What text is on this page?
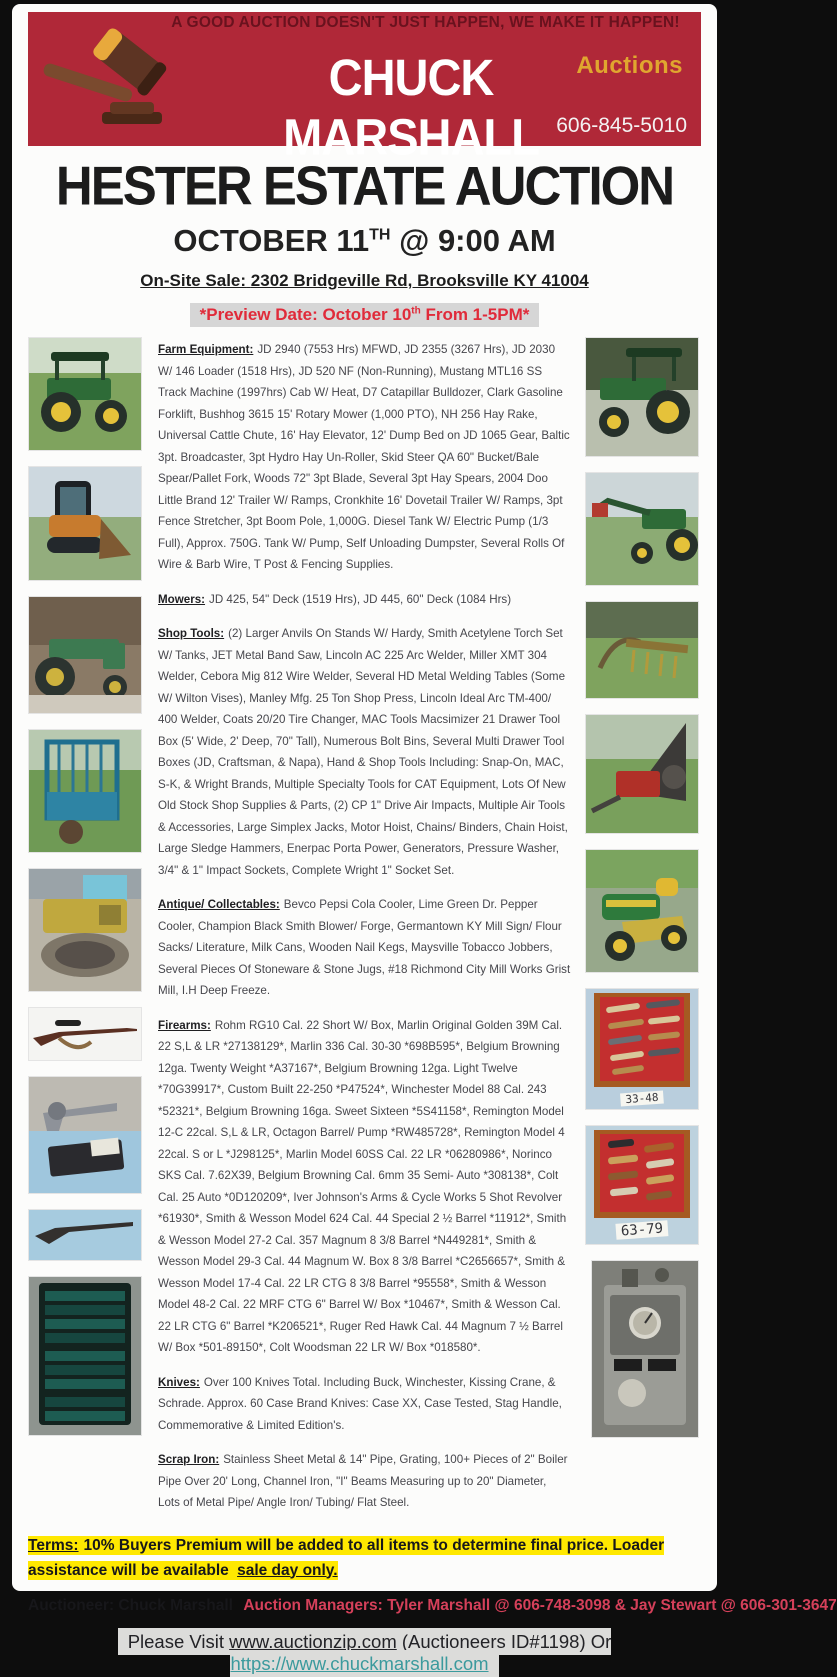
A GOOD AUCTION DOESN'T JUST HAPPEN, WE MAKE IT HAPPEN!
CHUCK MARSHALL
Auctions
606-845-5010
HESTER ESTATE AUCTION
OCTOBER 11TH @ 9:00 AM
On-Site Sale: 2302 Bridgeville Rd, Brooksville KY 41004
*Preview Date: October 10th From 1-5PM*

Farm Equipment: JD 2940 (7553 Hrs) MFWD, JD 2355 (3267 Hrs), JD 2030 W/ 146 Loader (1518 Hrs), JD 520 NF (Non-Running), Mustang MTL16 SS Track Machine (1997hrs) Cab W/ Heat, D7 Catapillar Bulldozer, Clark Gasoline Forklift, Bushhog 3615 15' Rotary Mower (1,000 PTO), NH 256 Hay Rake, Universal Cattle Chute, 16' Hay Elevator, 12' Dump Bed on JD 1065 Gear, Baltic 3pt. Broadcaster, 3pt Hydro Hay Un-Roller, Skid Steer QA 60" Bucket/Bale Spear/Pallet Fork, Woods 72" 3pt Blade, Several 3pt Hay Spears, 2004 Doo Little Brand 12' Trailer W/ Ramps, Cronkhite 16' Dovetail Trailer W/ Ramps, 3pt Fence Stretcher, 3pt Boom Pole, 1,000G. Diesel Tank W/ Electric Pump (1/3 Full), Approx. 750G. Tank W/ Pump, Self Unloading Dumpster, Several Rolls Of Wire & Barb Wire, T Post & Fencing Supplies.

Mowers: JD 425, 54" Deck (1519 Hrs), JD 445, 60" Deck (1084 Hrs)

Shop Tools: (2) Larger Anvils On Stands W/ Hardy, Smith Acetylene Torch Set W/ Tanks, JET Metal Band Saw, Lincoln AC 225 Arc Welder, Miller XMT 304 Welder, Cebora Mig 812 Wire Welder, Several HD Metal Welding Tables (Some W/ Wilton Vises), Manley Mfg. 25 Ton Shop Press, Lincoln Ideal Arc TM-400/ 400 Welder, Coats 20/20 Tire Changer, MAC Tools Macsimizer 21 Drawer Tool Box (5' Wide, 2' Deep, 70" Tall), Numerous Bolt Bins, Several Multi Drawer Tool Boxes (JD, Craftsman, & Napa), Hand & Shop Tools Including: Snap-On, MAC, S-K, & Wright Brands, Multiple Specialty Tools for CAT Equipment, Lots Of New Old Stock Shop Supplies & Parts, (2) CP 1" Drive Air Impacts, Multiple Air Tools & Accessories, Large Simplex Jacks, Motor Hoist, Chains/ Binders, Chain Hoist, Large Sledge Hammers, Enerpac Porta Power, Generators, Pressure Washer, 3/4" & 1" Impact Sockets, Complete Wright 1" Socket Set.

Antique/ Collectables: Bevco Pepsi Cola Cooler, Lime Green Dr. Pepper Cooler, Champion Black Smith Blower/ Forge, Germantown KY Mill Sign/ Flour Sacks/ Literature, Milk Cans, Wooden Nail Kegs, Maysville Tobacco Jobbers, Several Pieces Of Stoneware & Stone Jugs, #18 Richmond City Mill Works Grist Mill, I.H Deep Freeze.

Firearms: Rohm RG10 Cal. 22 Short W/ Box, Marlin Original Golden 39M Cal. 22 S,L & LR *27138129*, Marlin 336 Cal. 30-30 *698B595*, Belgium Browning 12ga. Twenty Weight *A37167*, Belgium Browning 12ga. Light Twelve *70G39917*, Custom Built 22-250 *P47524*, Winchester Model 88 Cal. 243 *52321*, Belgium Browning 16ga. Sweet Sixteen *5S41158*, Remington Model 12-C 22cal. S,L & LR, Octagon Barrel/ Pump *RW485728*, Remington Model 4 22cal. S or L *J298125*, Marlin Model 60SS Cal. 22 LR *06280986*, Norinco SKS Cal. 7.62X39, Belgium Browning Cal. 6mm 35 Semi- Auto *308138*, Colt Cal. 25 Auto *0D120209*, Iver Johnson's Arms & Cycle Works 5 Shot Revolver *61930*, Smith & Wesson Model 624 Cal. 44 Special 2 ½ Barrel *11912*, Smith & Wesson Model 27-2 Cal. 357 Magnum 8 3/8 Barrel *N449281*, Smith & Wesson Model 29-3 Cal. 44 Magnum W. Box 8 3/8 Barrel *C2656657*, Smith & Wesson Model 17-4 Cal. 22 LR CTG 8 3/8 Barrel *95558*, Smith & Wesson Model 48-2 Cal. 22 MRF CTG 6" Barrel W/ Box *10467*, Smith & Wesson Cal. 22 LR CTG 6" Barrel *K206521*, Ruger Red Hawk Cal. 44 Magnum 7 ½ Barrel W/ Box *501-89150*, Colt Woodsman 22 LR W/ Box *018580*.

Knives: Over 100 Knives Total. Including Buck, Winchester, Kissing Crane, & Schrade. Approx. 60 Case Brand Knives: Case XX, Case Tested, Stag Handle, Commemorative & Limited Edition's.

Scrap Iron: Stainless Sheet Metal & 14" Pipe, Grating, 100+ Pieces of 2" Boiler Pipe Over 20' Long, Channel Iron, "I" Beams Measuring up to 20" Diameter, Lots of Metal Pipe/ Angle Iron/ Tubing/ Flat Steel.

33-48
63-79

Terms: 10% Buyers Premium will be added to all items to determine final price. Loader assistance will be available sale day only.

Auctioneer: Chuck Marshall Auction Managers: Tyler Marshall @ 606-748-3098 & Jay Stewart @ 606-301-3647

Please Visit www.auctionzip.com (Auctioneers ID#1198) Or https://www.chuckmarshall.com
